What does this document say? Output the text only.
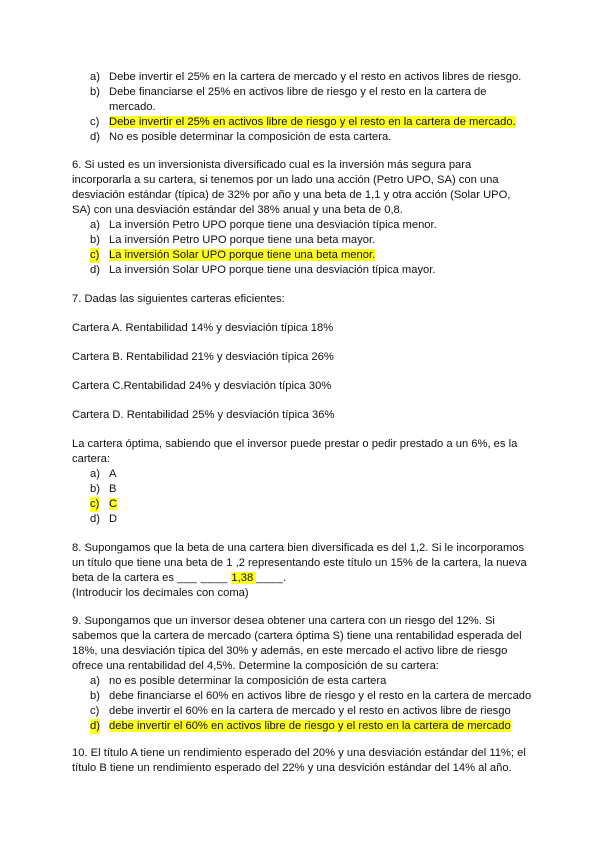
a) Debe invertir el 25% en la cartera de mercado y el resto en activos libres de riesgo.
b) Debe financiarse el 25% en activos libre de riesgo y el resto en la cartera de mercado.
c) Debe invertir el 25% en activos libre de riesgo y el resto en la cartera de mercado.
d) No es posible determinar la composición de esta cartera.
6. Si usted es un inversionista diversificado cual es la inversión más segura para incorporarla a su cartera, si tenemos por un lado una acción (Petro UPO, SA) con una desviación estándar (típica) de 32% por año y una beta de 1,1 y otra acción (Solar UPO, SA) con una desviación estándar del 38% anual y una beta de 0,8.
a) La inversión Petro UPO porque tiene una desviación típica menor.
b) La inversión Petro UPO porque tiene una beta mayor.
c) La inversión Solar UPO porque tiene una beta menor.
d) La inversión Solar UPO porque tiene una desviación típica mayor.
7. Dadas las siguientes carteras eficientes:
Cartera A. Rentabilidad 14% y desviación típica 18%
Cartera B. Rentabilidad 21% y desviación típica 26%
Cartera C.Rentabilidad 24% y desviación típica 30%
Cartera D. Rentabilidad 25% y desviación típica 36%
La cartera óptima, sabiendo que el inversor puede prestar o pedir prestado a un 6%, es la cartera:
a) A
b) B
c) C
d) D
8. Supongamos que la beta de una cartera bien diversificada es del 1,2. Si le incorporamos un título que tiene una beta de 1 ,2 representando este título un 15% de la cartera, la nueva beta de la cartera es ___ ____ 1,38 ____.
(Introducir los decimales con coma)
9. Supongamos que un inversor desea obtener una cartera con un riesgo del 12%. Si sabemos que la cartera de mercado (cartera óptima S) tiene una rentabilidad esperada del 18%, una desviación típica del 30% y además, en este mercado el activo libre de riesgo ofrece una rentabilidad del 4,5%. Determine la composición de su cartera:
a) no es posible determinar la composición de esta cartera
b) debe financiarse el 60% en activos libre de riesgo y el resto en la cartera de mercado
c) debe invertir el 60% en la cartera de mercado y el resto en activos libre de riesgo
d) debe invertir el 60% en activos libre de riesgo y el resto en la cartera de mercado
10. El título A tiene un rendimiento esperado del 20% y una desviación estándar del 11%; el título B tiene un rendimiento esperado del 22% y una desvición estándar del 14% al año.
